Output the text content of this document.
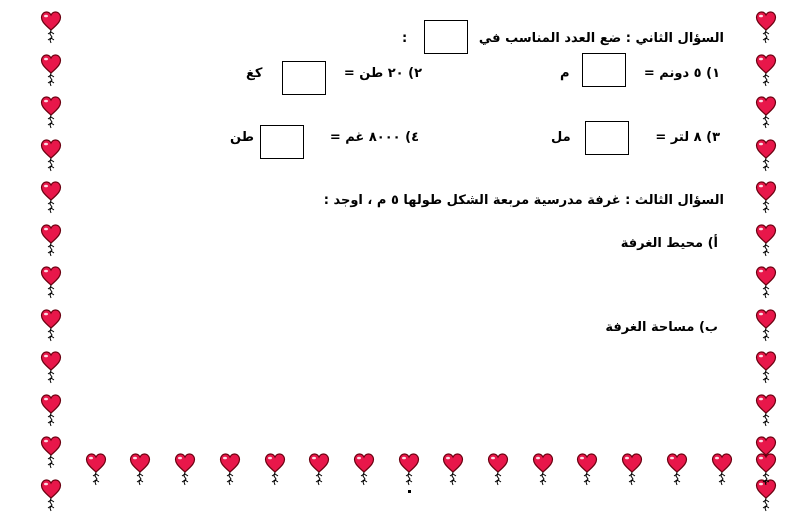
السؤال الثاني : ضع العدد المناسب في
:
١) ٥ دونم =
م
٢) ٢٠ طن =
كغ
٣) ٨ لتر =
مل
٤) ٨٠٠٠ غم =
طن
السؤال الثالث : غرفة مدرسية مربعة الشكل طولها ٥ م ، اوجد :
أ) محيط الغرفة
ب) مساحة الغرفة
